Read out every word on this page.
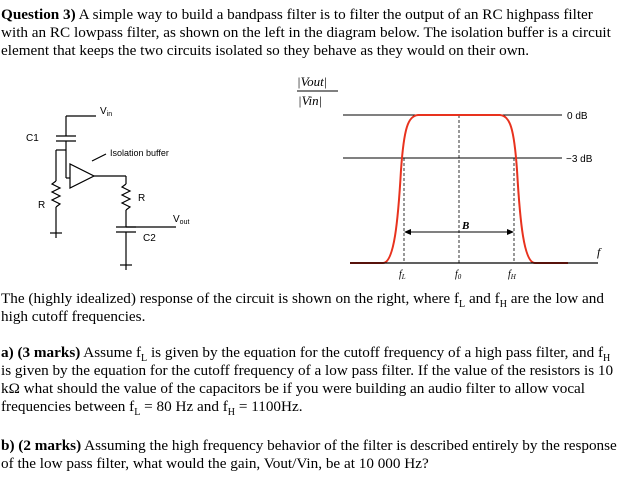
Question 3) A simple way to build a bandpass filter is to filter the output of an RC highpass filter with an RC lowpass filter, as shown on the left in the diagram below. The isolation buffer is a circuit element that keeps the two circuits isolated so they behave as they would on their own.

$V_{in}$
C1
Isolation buffer
R
R
C2
$V_{out}$
|Vout|
|Vin|
0 dB
−3 dB
B
f
$f_L$	$f_0$	$f_H$

The (highly idealized) response of the circuit is shown on the right, where $f_L$ and $f_H$ are the low and high cutoff frequencies.

a) (3 marks) Assume $f_L$ is given by the equation for the cutoff frequency of a high pass filter, and $f_H$ is given by the equation for the cutoff frequency of a low pass filter. If the value of the resistors is 10 kΩ what should the value of the capacitors be if you were building an audio filter to allow vocal frequencies between $f_L = 80$ Hz and $f_H = 1100Hz$.

b) (2 marks) Assuming the high frequency behavior of the filter is described entirely by the response of the low pass filter, what would the gain, Vout/Vin, be at 10 000 Hz?
